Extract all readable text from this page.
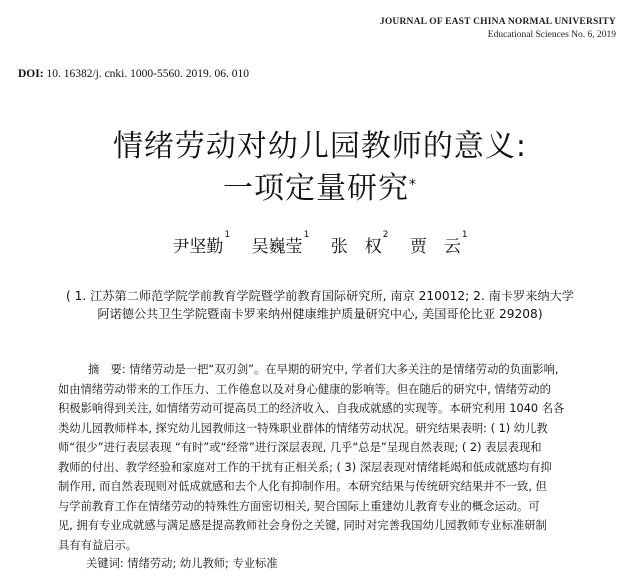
JOURNAL OF EAST CHINA NORMAL UNIVERSITY
Educational Sciences No. 6, 2019
DOI: 10. 16382/j. cnki. 1000-5560. 2019. 06. 010
情绪劳动对幼儿园教师的意义:
一项定量研究*
尹坚勤$^1$ 吴巍莹$^1$ 张　权$^2$ 贾　云$^1$
( 1. 江苏第二师范学院学前教育学院暨学前教育国际研究所, 南京 210012; 2. 南卡罗来纳大学
阿诺德公共卫生学院暨南卡罗来纳州健康维护质量研究中心, 美国哥伦比亚 29208)
摘　要: 情绪劳动是一把“双刃剑”。在早期的研究中, 学者们大多关注的是情绪劳动的负面影响,
如由情绪劳动带来的工作压力、工作倦怠以及对身心健康的影响等。但在随后的研究中, 情绪劳动的
积极影响得到关注, 如情绪劳动可提高员工的经济收入、自我成就感的实现等。本研究利用 1040 名各
类幼儿园教师样本, 探究幼儿园教师这一特殊职业群体的情绪劳动状况。研究结果表明: ( 1) 幼儿教
师“很少”进行表层表现 “有时”或“经常”进行深层表现, 几乎“总是”呈现自然表现; ( 2) 表层表现和
教师的付出、教学经验和家庭对工作的干扰有正相关系; ( 3) 深层表现对情绪耗竭和低成就感均有抑
制作用, 而自然表现则对低成就感和去个人化有抑制作用。本研究结果与传统研究结果并不一致, 但
与学前教育工作在情绪劳动的特殊性方面密切相关, 契合国际上重建幼儿教育专业的概念运动。可
见, 拥有专业成就感与满足感是提高教师社会身份之关键, 同时对完善我国幼儿园教师专业标准研制
具有有益启示。
关键词: 情绪劳动; 幼儿教师; 专业标准
